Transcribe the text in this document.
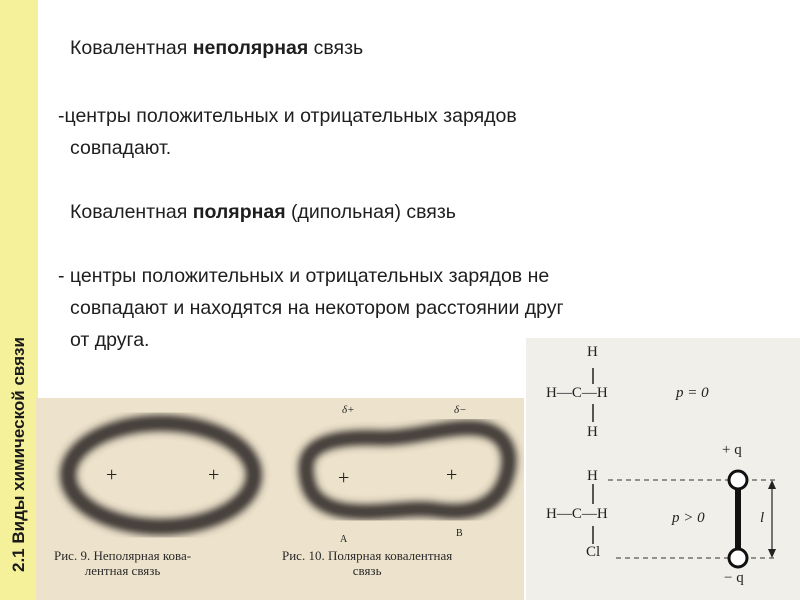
2.1 Виды химической связи
Ковалентная неполярная связь
-центры положительных и отрицательных зарядов
совпадают.
Ковалентная полярная (дипольная) связь
- центры положительных и отрицательных зарядов не
совпадают и находятся на некотором расстоянии друг
от друга.
+	+	+	+
δ+	δ−
A
B
Рис. 9. Неполярная кова-
лентная связь
Рис. 10. Полярная ковалентная
связь
H
H—C—H
H
p = 0
+ q
H
H—C—H
Cl
p > 0
− q
l
